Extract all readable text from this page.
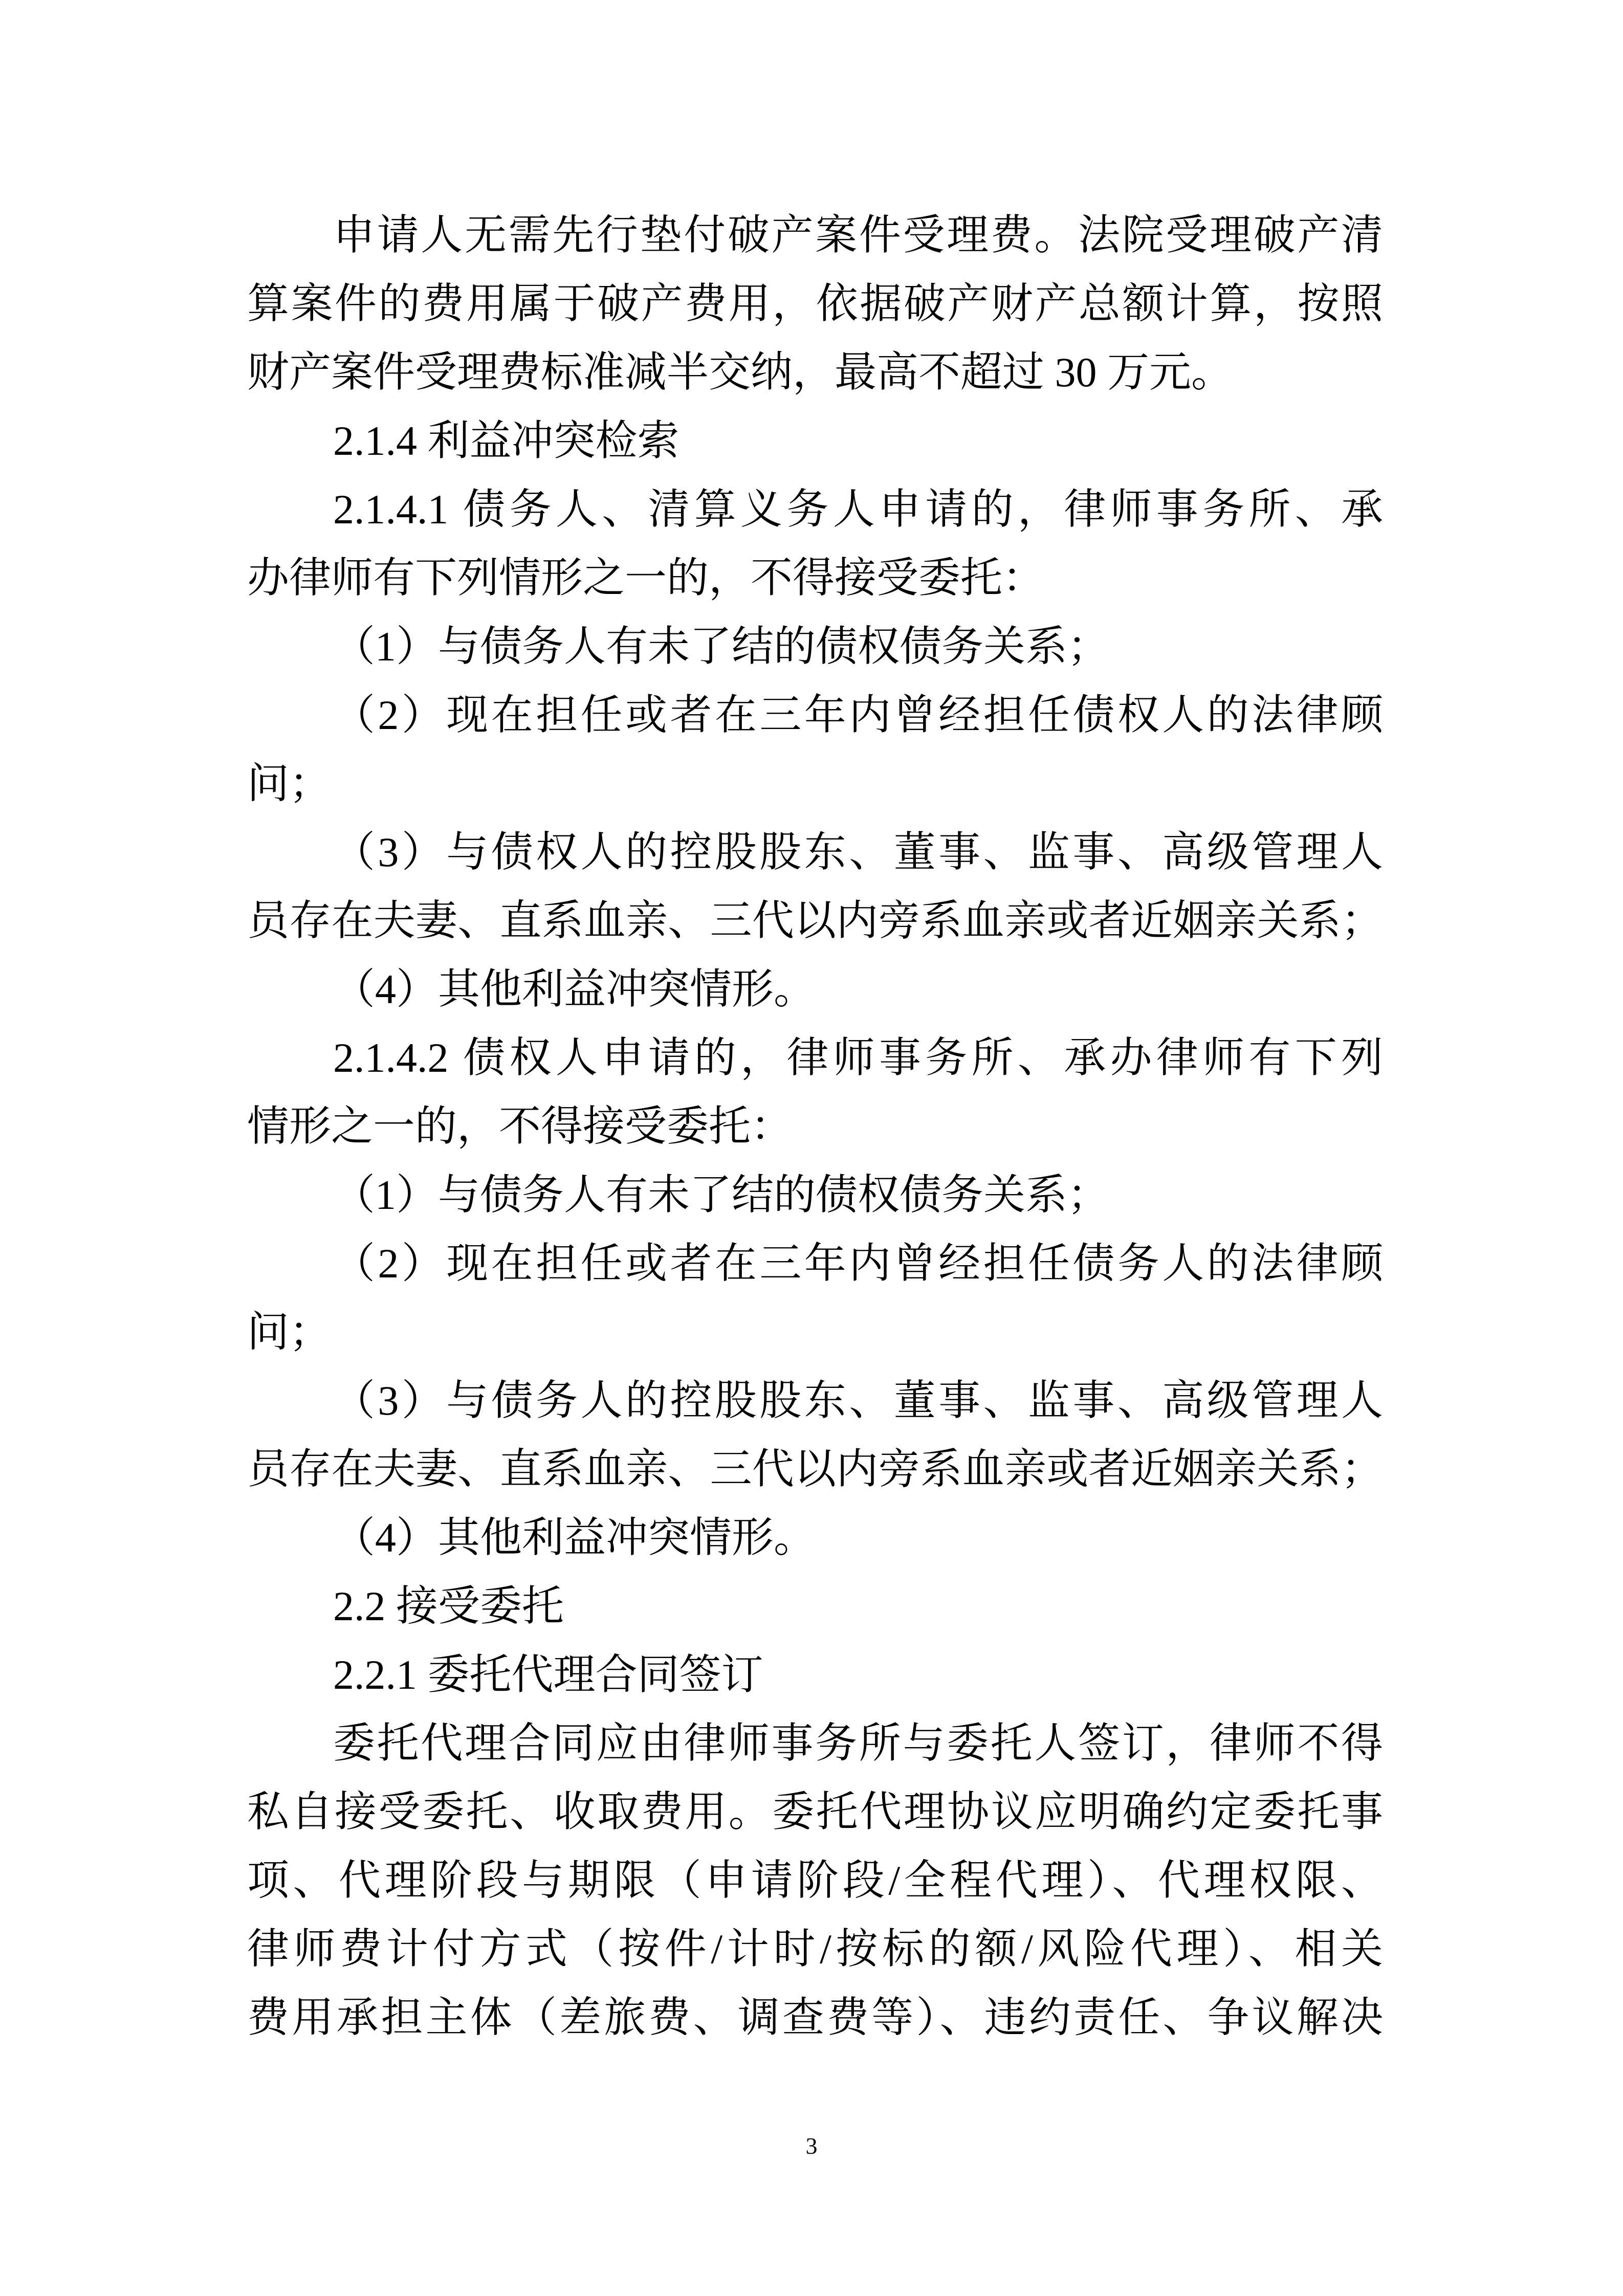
申请人无需先行垫付破产案件受理费。法院受理破产清
算案件的费用属于破产费用，依据破产财产总额计算，按照
财产案件受理费标准减半交纳，最高不超过 30 万元。
2.1.4 利益冲突检索
2.1.4.1 债务人、清算义务人申请的，律师事务所、承
办律师有下列情形之一的，不得接受委托：
（1）与债务人有未了结的债权债务关系；
（2）现在担任或者在三年内曾经担任债权人的法律顾
问；
（3）与债权人的控股股东、董事、监事、高级管理人
员存在夫妻、直系血亲、三代以内旁系血亲或者近姻亲关系；
（4）其他利益冲突情形。
2.1.4.2 债权人申请的，律师事务所、承办律师有下列
情形之一的，不得接受委托：
（1）与债务人有未了结的债权债务关系；
（2）现在担任或者在三年内曾经担任债务人的法律顾
问；
（3）与债务人的控股股东、董事、监事、高级管理人
员存在夫妻、直系血亲、三代以内旁系血亲或者近姻亲关系；
（4）其他利益冲突情形。
2.2 接受委托
2.2.1 委托代理合同签订
委托代理合同应由律师事务所与委托人签订，律师不得
私自接受委托、收取费用。委托代理协议应明确约定委托事
项、代理阶段与期限（申请阶段/全程代理）、代理权限、
律师费计付方式（按件/计时/按标的额/风险代理）、相关
费用承担主体（差旅费、调查费等）、违约责任、争议解决
3
